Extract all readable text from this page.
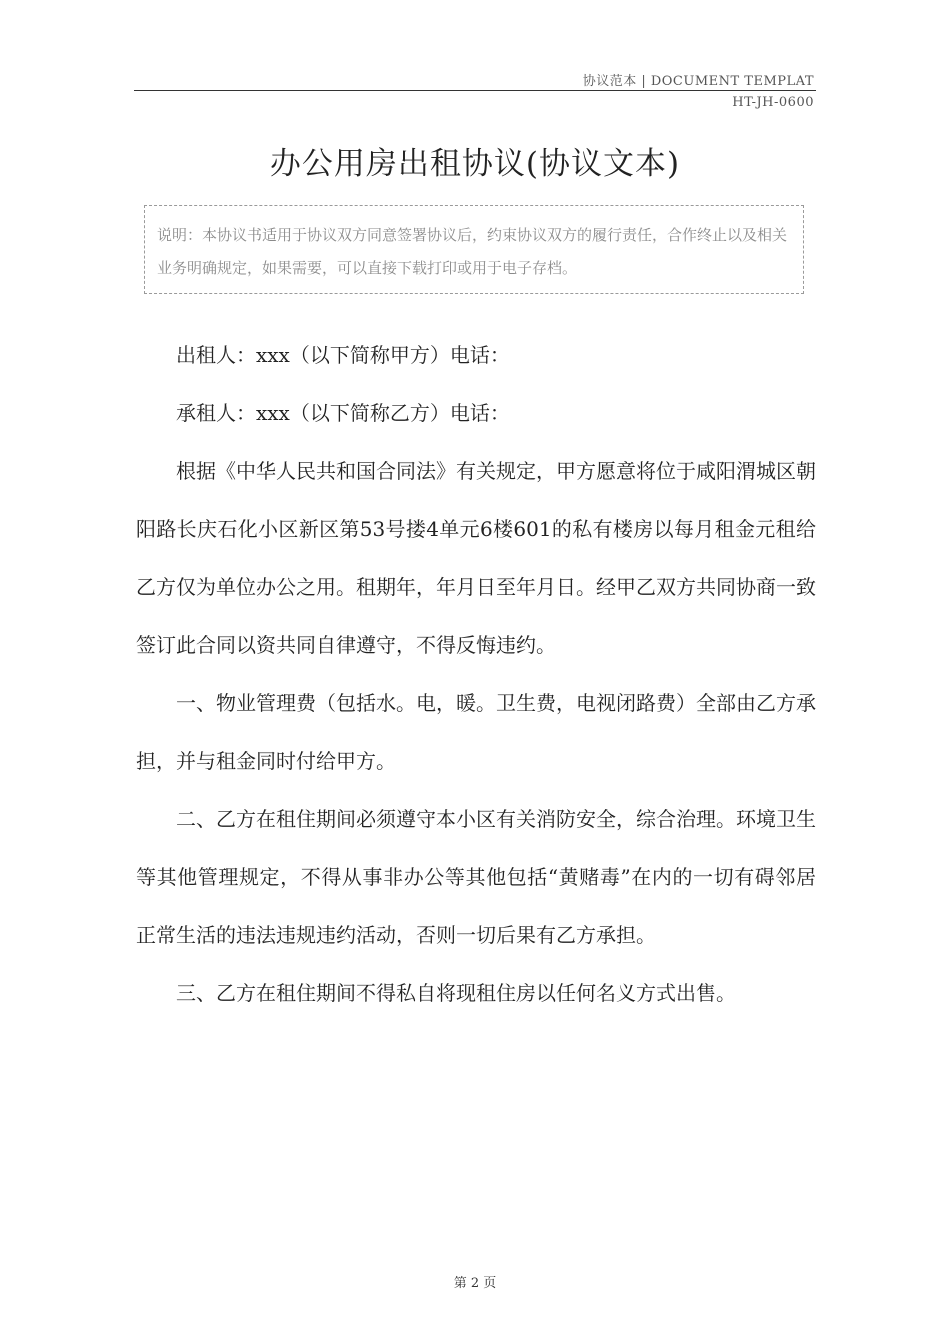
协议范本 | DOCUMENT TEMPLAT
HT-JH-0600
办公用房出租协议(协议文本)
说明：本协议书适用于协议双方同意签署协议后，约束协议双方的履行责任，合作终止以及相关业务明确规定，如果需要，可以直接下载打印或用于电子存档。

出租人：xxx（以下简称甲方）电话：

承租人：xxx（以下简称乙方）电话：

根据《中华人民共和国合同法》有关规定，甲方愿意将位于咸阳渭城区朝阳路长庆石化小区新区第53号搂4单元6楼601的私有楼房以每月租金元租给乙方仅为单位办公之用。租期年，年月日至年月日。经甲乙双方共同协商一致签订此合同以资共同自律遵守，不得反悔违约。

一、物业管理费（包括水。电，暖。卫生费，电视闭路费）全部由乙方承担，并与租金同时付给甲方。

二、乙方在租住期间必须遵守本小区有关消防安全，综合治理。环境卫生等其他管理规定，不得从事非办公等其他包括“黄赌毒”在内的一切有碍邻居正常生活的违法违规违约活动，否则一切后果有乙方承担。

三、乙方在租住期间不得私自将现租住房以任何名义方式出售。

第 2 页
